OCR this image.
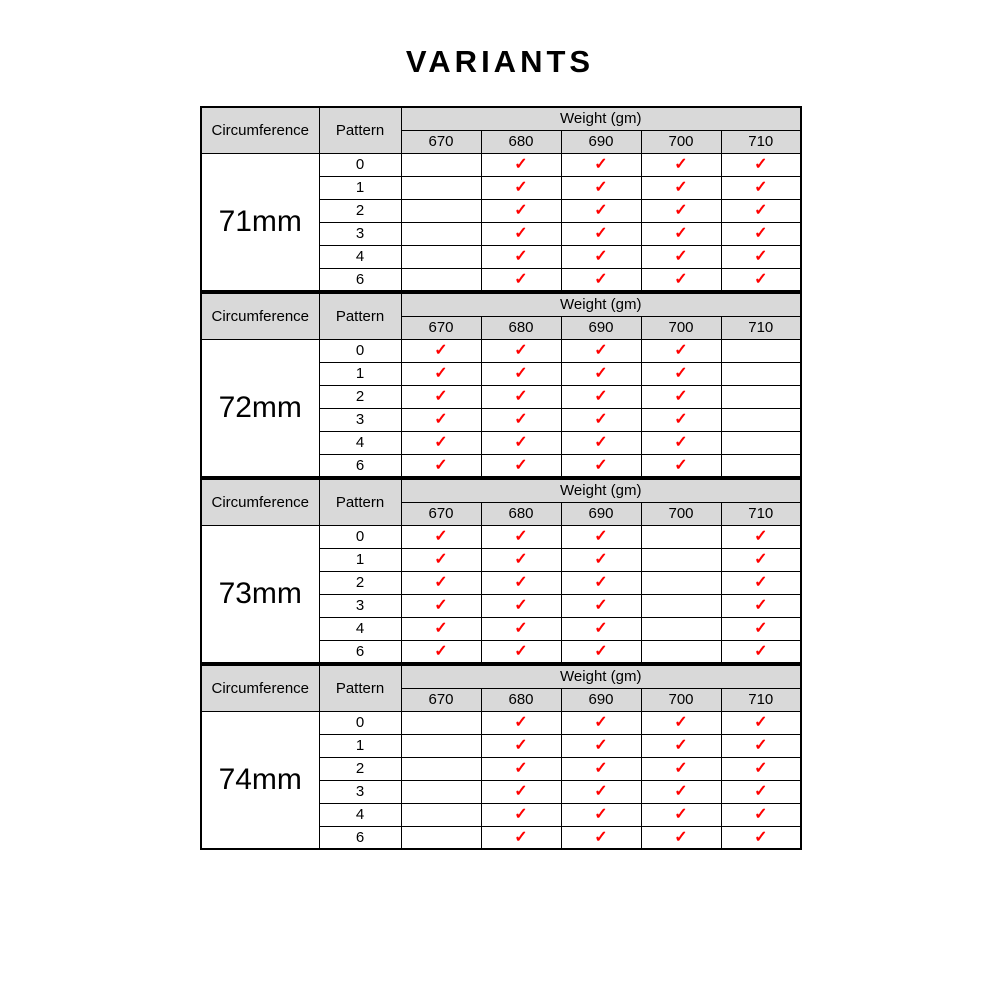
VARIANTS
Circumference	Pattern	Weight (gm)				
		670	680	690	700	710
71mm	0		✓	✓	✓	✓
	1		✓	✓	✓	✓
	2		✓	✓	✓	✓
	3		✓	✓	✓	✓
	4		✓	✓	✓	✓
	6		✓	✓	✓	✓
Circumference	Pattern	Weight (gm)				
		670	680	690	700	710
72mm	0	✓	✓	✓	✓	
	1	✓	✓	✓	✓	
	2	✓	✓	✓	✓	
	3	✓	✓	✓	✓	
	4	✓	✓	✓	✓	
	6	✓	✓	✓	✓	
Circumference	Pattern	Weight (gm)				
		670	680	690	700	710
73mm	0	✓	✓	✓		✓
	1	✓	✓	✓		✓
	2	✓	✓	✓		✓
	3	✓	✓	✓		✓
	4	✓	✓	✓		✓
	6	✓	✓	✓		✓
Circumference	Pattern	Weight (gm)				
		670	680	690	700	710
74mm	0		✓	✓	✓	✓
	1		✓	✓	✓	✓
	2		✓	✓	✓	✓
	3		✓	✓	✓	✓
	4		✓	✓	✓	✓
	6		✓	✓	✓	✓
